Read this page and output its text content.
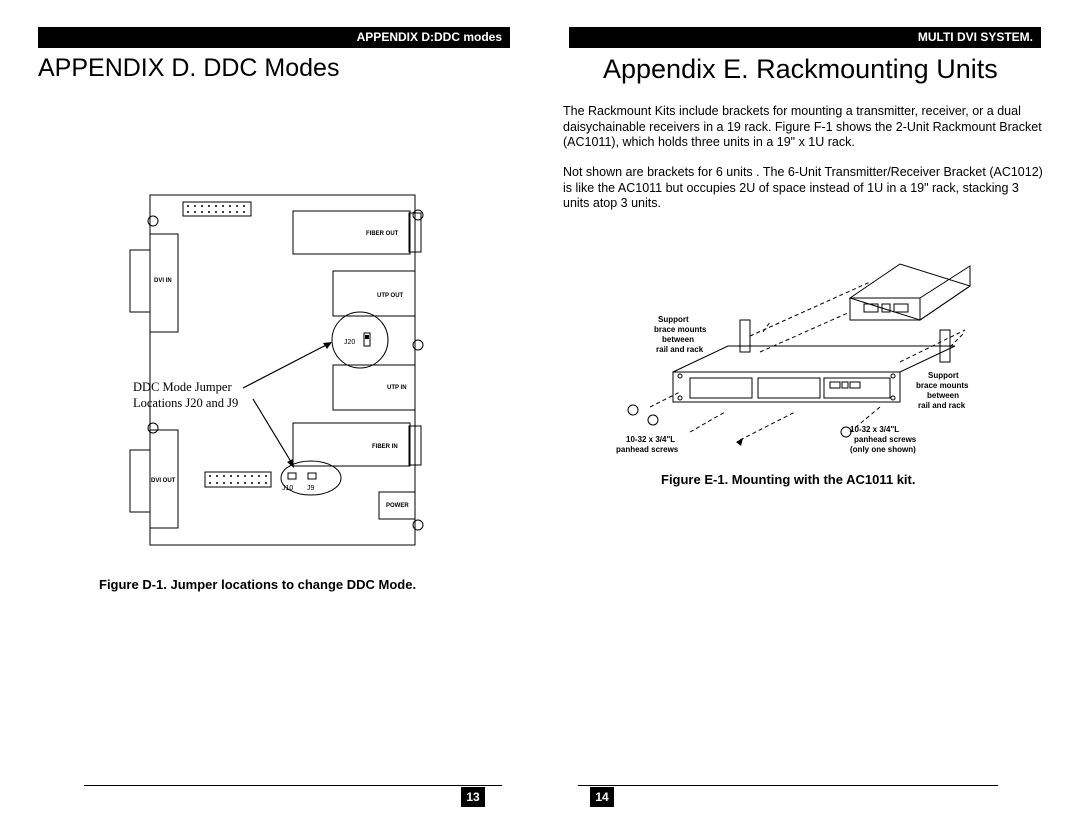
APPENDIX D:DDC modes
APPENDIX D. DDC Modes
FIBER OUT
DVI IN
UTP OUT
J20
UTP IN
FIBER IN
DVI OUT
J10 J9
POWER
DDC Mode Jumper
Locations J20 and J9
Figure D-1. Jumper locations to change DDC Mode.
13
MULTI DVI SYSTEM.
Appendix E. Rackmounting Units
The Rackmount Kits include brackets for mounting a transmitter, receiver, or a dual daisychainable receivers in a 19 rack. Figure F-1 shows the 2-Unit Rackmount Bracket (AC1011), which holds three units in a 19" x 1U rack.
Not shown are brackets for 6 units . The 6-Unit Transmitter/Receiver Bracket (AC1012) is like the AC1011 but occupies 2U of space instead of 1U in a 19" rack, stacking 3 units atop 3 units.
Support
brace mounts
between
rail and rack
Support
brace mounts
between
rail and rack
10-32 x 3/4"L
panhead screws
10-32 x 3/4"L
panhead screws
(only one shown)
Figure E-1. Mounting with the AC1011 kit.
14
